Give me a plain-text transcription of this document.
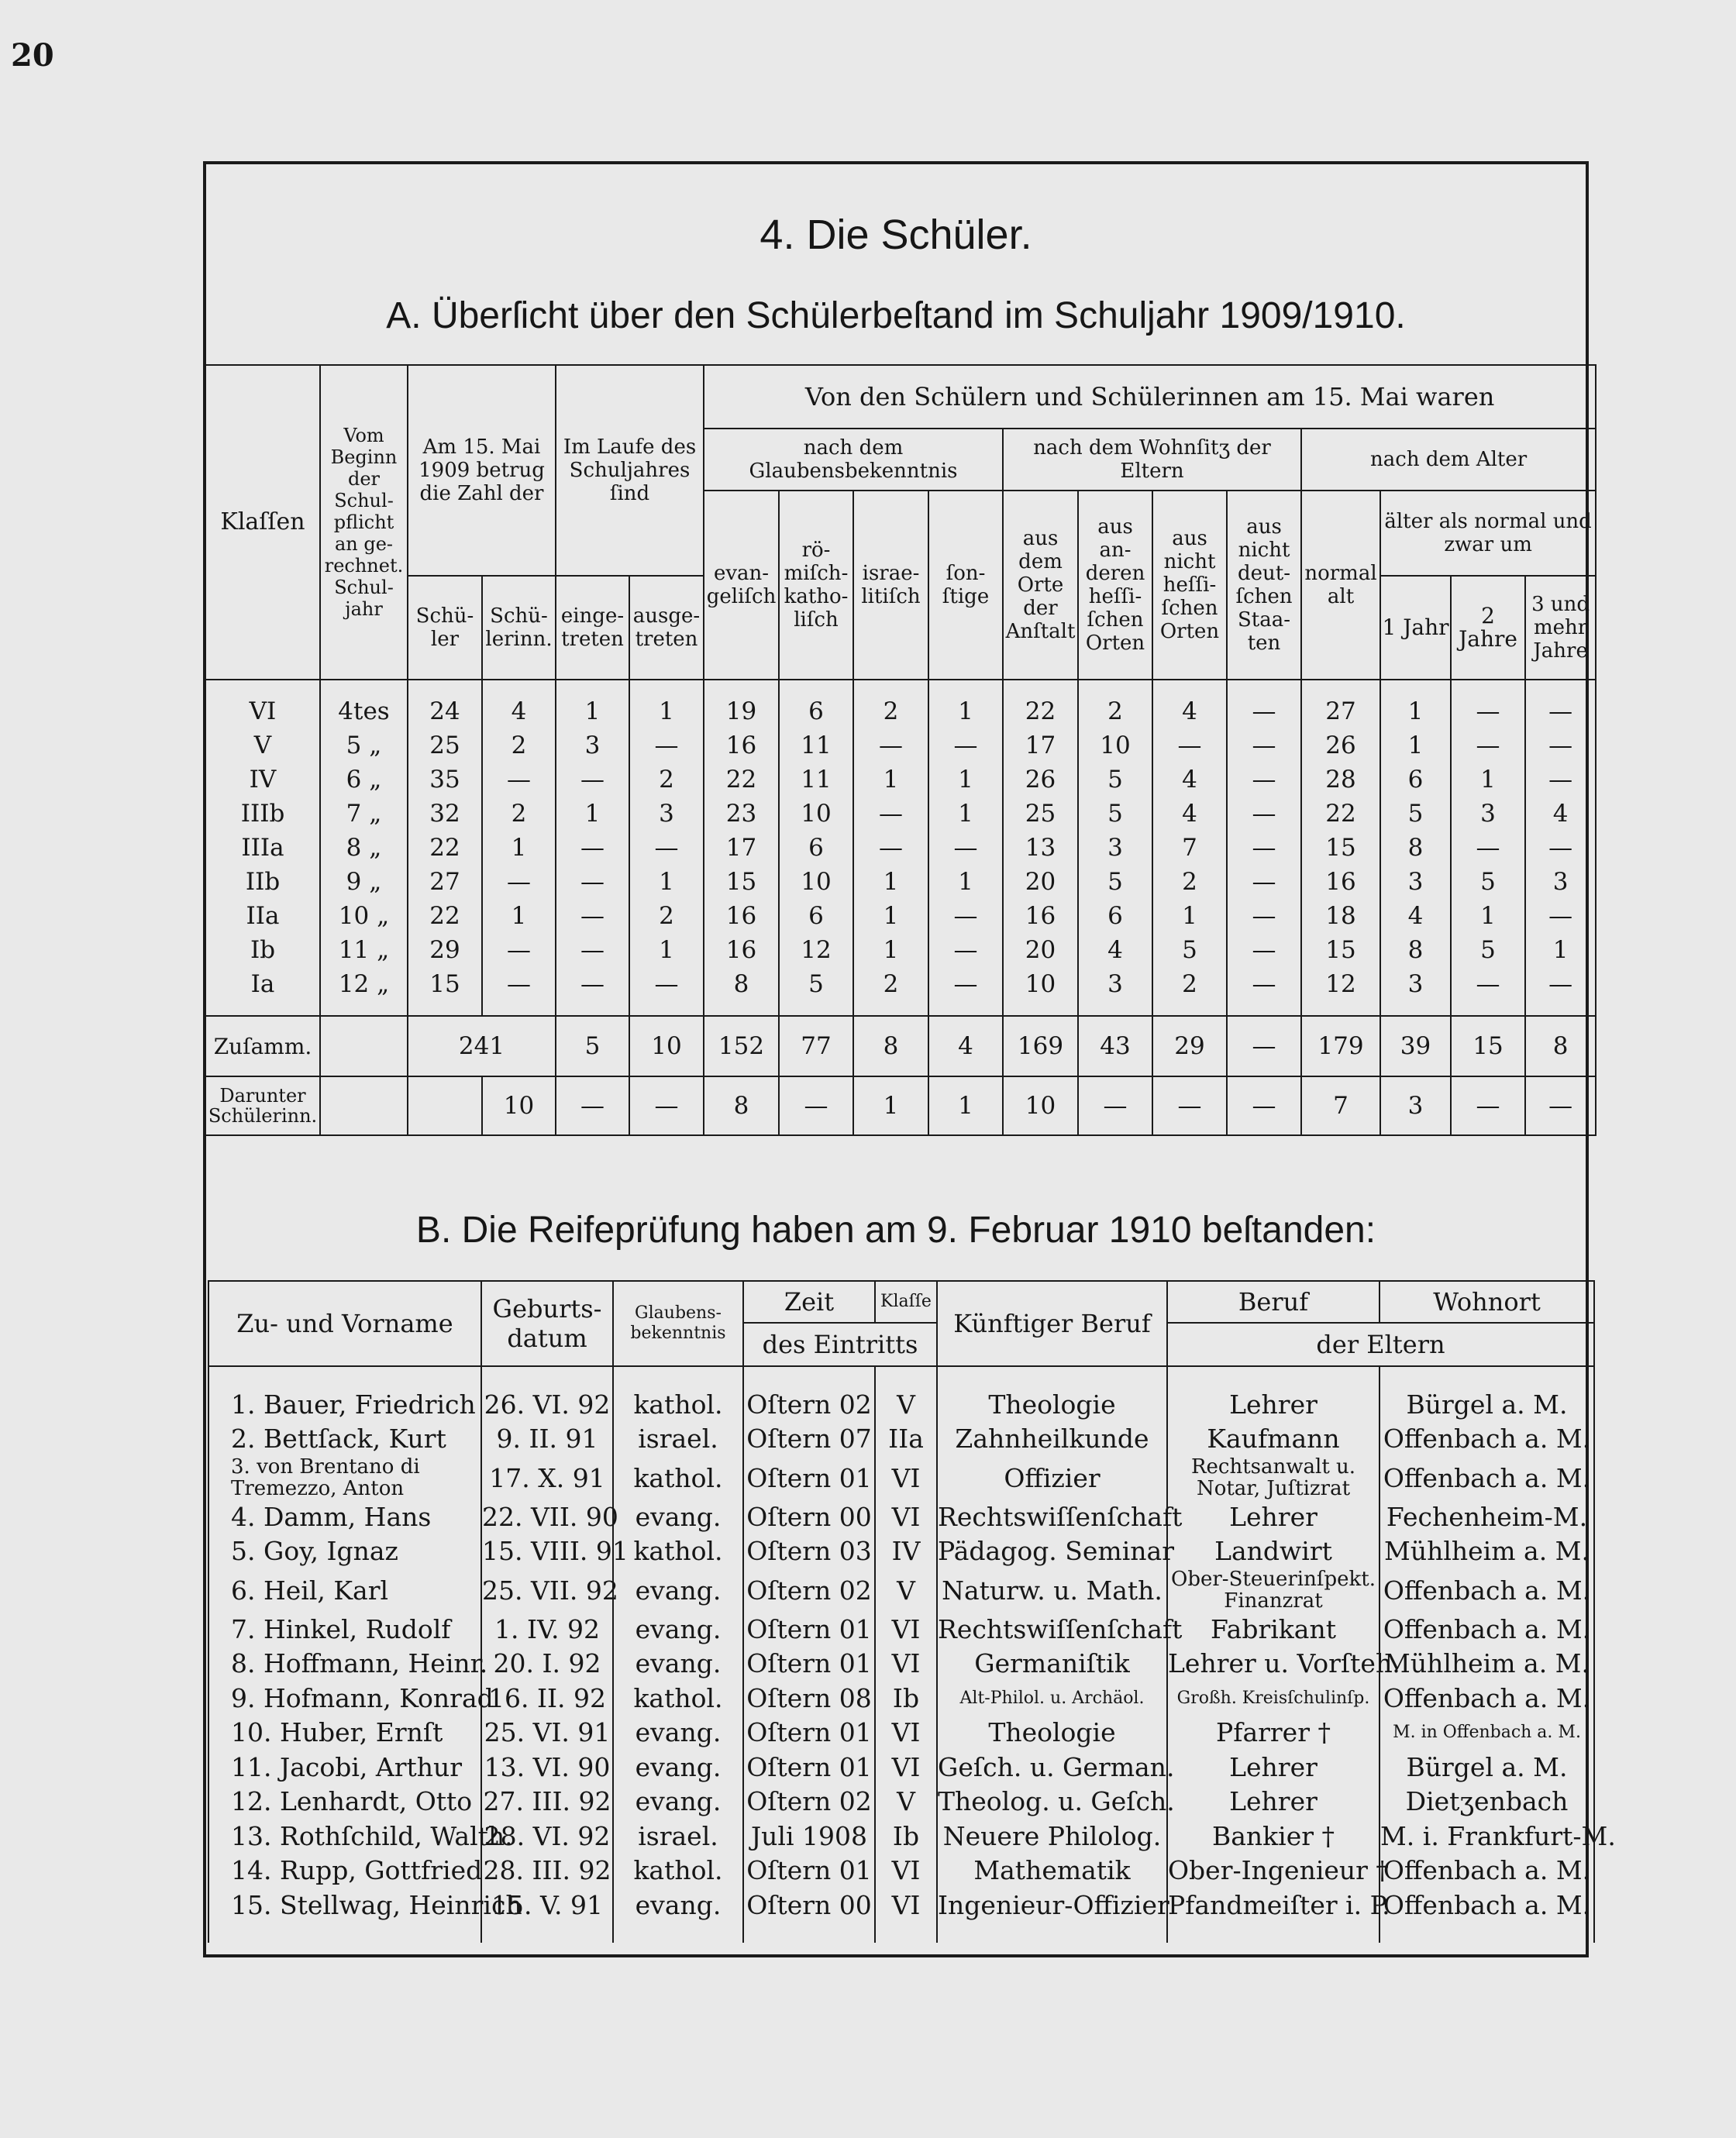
20
4. Die Schüler.
A. Überſicht über den Schülerbeſtand im Schuljahr 1909/1910.
Klaſſen	Vom Beginn der Schulpflicht an gerechnet. Schuljahr	Am 15. Mai 1909 betrug die Zahl der		Im Laufe des Schuljahres ſind		Von den Schülern und Schülerinnen am 15. Mai waren											
						nach dem Glaubensbekenntnis				nach dem Wohnſitʒ der Eltern				nach dem Alter			
						evangeliſch	römiſchkatholiſch	israelitiſch	ſonſtige	aus dem Orte der Anſtalt	aus anderen heſſiſchen Orten	aus nicht heſſiſchen Orten	aus nicht deutſchen Staaten	normal alt	älter als normal und zwar um		
		Schüler	Schülerinn.	eingetreten	ausgetreten										1 Jahr	2 Jahre	3 und mehr Jahre
VI	4tes	24	4	1	1	19	6	2	1	22	2	4	—	27	1	—	—
V	5 „	25	2	3	—	16	11	—	—	17	10	—	—	26	1	—	—
IV	6 „	35	—	—	2	22	11	1	1	26	5	4	—	28	6	1	—
IIIb	7 „	32	2	1	3	23	10	—	1	25	5	4	—	22	5	3	4
IIIa	8 „	22	1	—	—	17	6	—	—	13	3	7	—	15	8	—	—
IIb	9 „	27	—	—	1	15	10	1	1	20	5	2	—	16	3	5	3
IIa	10 „	22	1	—	2	16	6	1	—	16	6	1	—	18	4	1	—
Ib	11 „	29	—	—	1	16	12	1	—	20	4	5	—	15	8	5	1
Ia	12 „	15	—	—	—	8	5	2	—	10	3	2	—	12	3	—	—
Zuſamm.		241		5	10	152	77	8	4	169	43	29	—	179	39	15	8
Darunter Schülerinn.			10	—	—	8	—	1	1	10	—	—	—	7	3	—	—
B. Die Reifeprüfung haben am 9. Februar 1910 beſtanden:
Zu- und Vorname	Geburtsdatum	Glaubensbekenntnis	Zeit	Klaſſe	Künftiger Beruf	Beruf	Wohnort
			des Eintritts			der Eltern	
1. Bauer, Friedrich	26. VI. 92	kathol.	Oſtern 02	V	Theologie	Lehrer	Bürgel a. M.
2. Bettſack, Kurt	9. II. 91	israel.	Oſtern 07	IIa	Zahnheilkunde	Kaufmann	Offenbach a. M.
3. von Brentano di Tremezzo, Anton	17. X. 91	kathol.	Oſtern 01	VI	Offizier	Rechtsanwalt u. Notar, Juſtizrat	Offenbach a. M.
4. Damm, Hans	22. VII. 90	evang.	Oſtern 00	VI	Rechtswiſſenſchaft	Lehrer	Fechenheim-M.
5. Goy, Ignaz	15. VIII. 91	kathol.	Oſtern 03	IV	Pädagog. Seminar	Landwirt	Mühlheim a. M.
6. Heil, Karl	25. VII. 92	evang.	Oſtern 02	V	Naturw. u. Math.	Ober-Steuerinſpekt. Finanzrat	Offenbach a. M.
7. Hinkel, Rudolf	1. IV. 92	evang.	Oſtern 01	VI	Rechtswiſſenſchaft	Fabrikant	Offenbach a. M.
8. Hoffmann, Heinr.	20. I. 92	evang.	Oſtern 01	VI	Germaniſtik	Lehrer u. Vorſteh.	Mühlheim a. M.
9. Hofmann, Konrad	16. II. 92	kathol.	Oſtern 08	Ib	Alt-Philol. u. Archäol.	Großh. Kreisſchulinſp.	Offenbach a. M.
10. Huber, Ernſt	25. VI. 91	evang.	Oſtern 01	VI	Theologie	Pfarrer †	M. in Offenbach a. M.
11. Jacobi, Arthur	13. VI. 90	evang.	Oſtern 01	VI	Geſch. u. German.	Lehrer	Bürgel a. M.
12. Lenhardt, Otto	27. III. 92	evang.	Oſtern 02	V	Theolog. u. Geſch.	Lehrer	Dietʒenbach
13. Rothſchild, Walth.	28. VI. 92	israel.	Juli 1908	Ib	Neuere Philolog.	Bankier †	M. i. Frankfurt-M.
14. Rupp, Gottfried	28. III. 92	kathol.	Oſtern 01	VI	Mathematik	Ober-Ingenieur †	Offenbach a. M.
15. Stellwag, Heinrich	15. V. 91	evang.	Oſtern 00	VI	Ingenieur-Offizier	Pfandmeiſter i. P.	Offenbach a. M.
